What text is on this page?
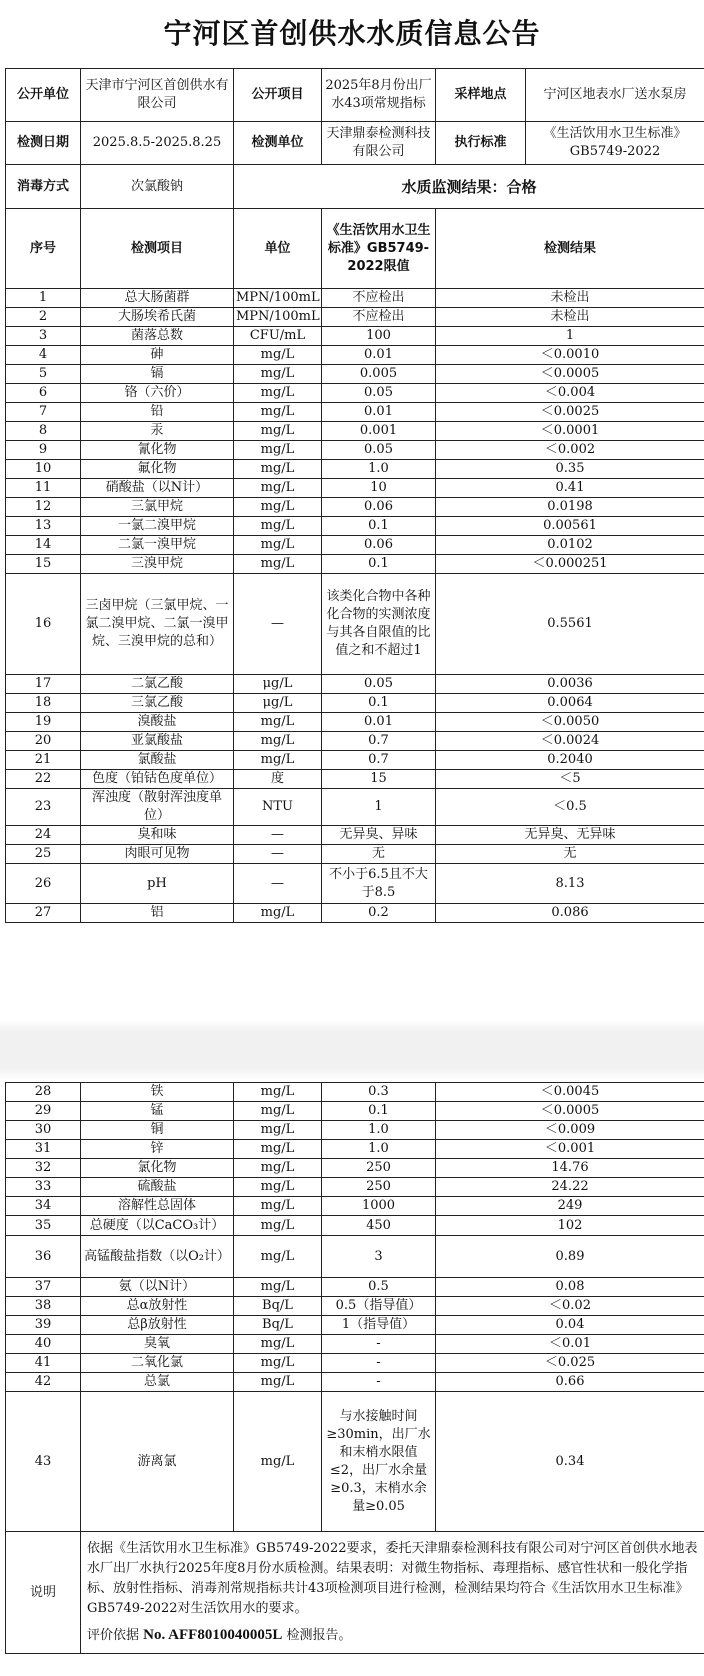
宁河区首创供水水质信息公告
公开单位	天津市宁河区首创供水有限公司	公开项目	2025年8月份出厂水43项常规指标	采样地点	宁河区地表水厂送水泵房
检测日期	2025.8.5-2025.8.25	检测单位	天津鼎泰检测科技有限公司	执行标准	《生活饮用水卫生标准》GB5749-2022
消毒方式	次氯酸钠	水质监测结果：合格			
序号	检测项目	单位	《生活饮用水卫生标准》GB5749-2022限值	检测结果	
1	总大肠菌群	MPN/100mL	不应检出	未检出	
2	大肠埃希氏菌	MPN/100mL	不应检出	未检出	
3	菌落总数	CFU/mL	100	1	
4	砷	mg/L	0.01	＜0.0010	
5	镉	mg/L	0.005	＜0.0005	
6	铬（六价）	mg/L	0.05	＜0.004	
7	铅	mg/L	0.01	＜0.0025	
8	汞	mg/L	0.001	＜0.0001	
9	氰化物	mg/L	0.05	＜0.002	
10	氟化物	mg/L	1.0	0.35	
11	硝酸盐（以N计）	mg/L	10	0.41	
12	三氯甲烷	mg/L	0.06	0.0198	
13	一氯二溴甲烷	mg/L	0.1	0.00561	
14	二氯一溴甲烷	mg/L	0.06	0.0102	
15	三溴甲烷	mg/L	0.1	＜0.000251	
16	三卤甲烷（三氯甲烷、一氯二溴甲烷、二氯一溴甲烷、三溴甲烷的总和）	—	该类化合物中各种化合物的实测浓度与其各自限值的比值之和不超过1	0.5561	
17	二氯乙酸	μg/L	0.05	0.0036	
18	三氯乙酸	μg/L	0.1	0.0064	
19	溴酸盐	mg/L	0.01	＜0.0050	
20	亚氯酸盐	mg/L	0.7	＜0.0024	
21	氯酸盐	mg/L	0.7	0.2040	
22	色度（铂钴色度单位）	度	15	＜5	
23	浑浊度（散射浑浊度单位）	NTU	1	＜0.5	
24	臭和味	—	无异臭、异味	无异臭、无异味	
25	肉眼可见物	—	无	无	
26	pH	—	不小于6.5且不大于8.5	8.13	
27	铝	mg/L	0.2	0.086	
28	铁	mg/L	0.3	＜0.0045
29	锰	mg/L	0.1	＜0.0005
30	铜	mg/L	1.0	＜0.009
31	锌	mg/L	1.0	＜0.001
32	氯化物	mg/L	250	14.76
33	硫酸盐	mg/L	250	24.22
34	溶解性总固体	mg/L	1000	249
35	总硬度（以CaCO₃计）	mg/L	450	102
36	高锰酸盐指数（以O₂计）	mg/L	3	0.89
37	氨（以N计）	mg/L	0.5	0.08
38	总α放射性	Bq/L	0.5（指导值）	＜0.02
39	总β放射性	Bq/L	1（指导值）	0.04
40	臭氧	mg/L	-	＜0.01
41	二氧化氯	mg/L	-	＜0.025
42	总氯	mg/L	-	0.66
43	游离氯	mg/L	与水接触时间≥30min，出厂水和末梢水限值≤2，出厂水余量≥0.3，末梢水余量≥0.05	0.34
说明	依据《生活饮用水卫生标准》GB5749-2022要求，委托天津鼎泰检测科技有限公司对宁河区首创供水地表水厂出厂水执行2025年度8月份水质检测。结果表明：对微生物指标、毒理指标、感官性状和一般化学指标、放射性指标、消毒剂常规指标共计43项检测项目进行检测，检测结果均符合《生活饮用水卫生标准》GB5749-2022对生活饮用水的要求。
评价依据 No. AFF8010040005L 检测报告。			
